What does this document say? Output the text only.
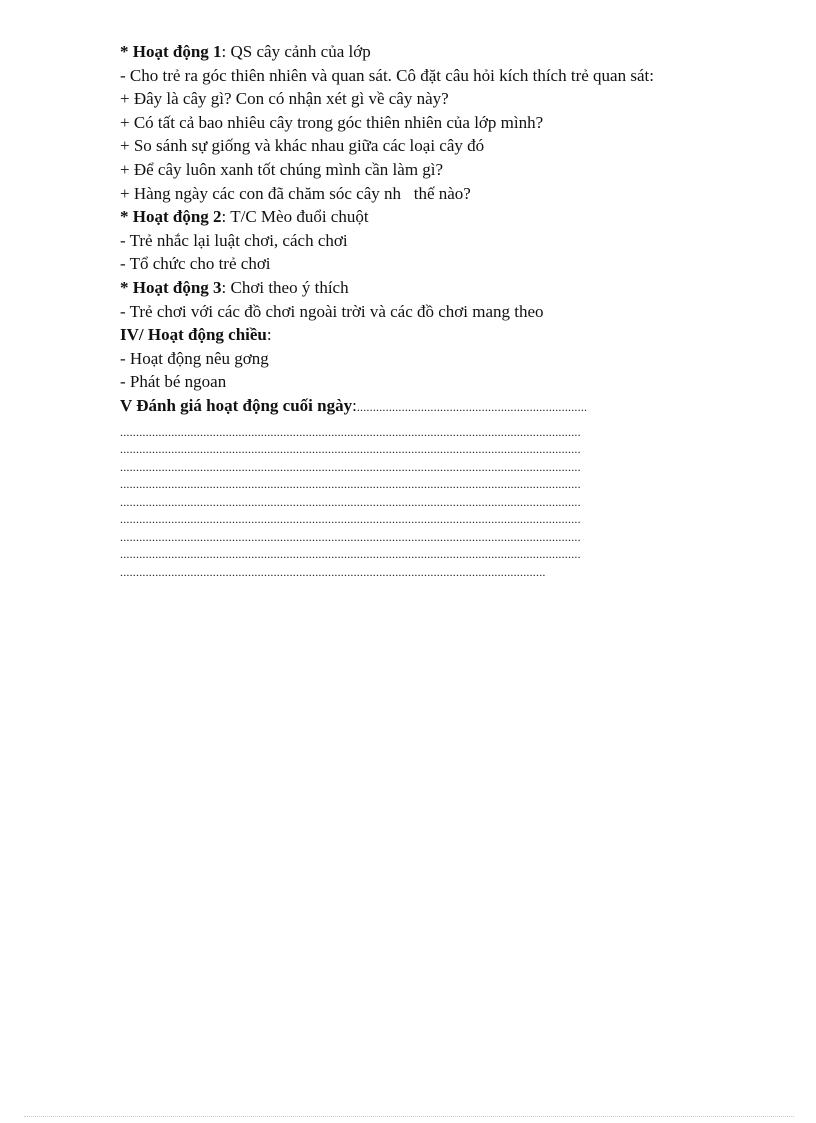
* Hoạt động 1: QS cây cảnh của lớp
- Cho trẻ ra góc thiên nhiên và quan sát. Cô đặt câu hỏi kích thích trẻ quan sát:
+ Đây là cây gì? Con có nhận xét gì về cây này?
+ Có tất cả bao nhiêu cây trong góc thiên nhiên của lớp mình?
+ So sánh sự giống và khác nhau giữa các loại cây đó
+ Để cây luôn xanh tốt chúng mình cần làm gì?
+ Hàng ngày các con đã chăm sóc cây nh   thế nào?
* Hoạt động 2: T/C Mèo đuổi chuột
- Trẻ nhắc lại luật chơi, cách chơi
- Tổ chức cho trẻ chơi
* Hoạt động 3: Chơi theo ý thích
- Trẻ chơi với các đồ chơi ngoài trời và các đồ chơi mang theo
IV/ Hoạt động chiều:
- Hoạt động nêu gơng
- Phát bé ngoan
V Đánh giá hoạt động cuối ngày:........................................................................
................................................................................................................................................
................................................................................................................................................
................................................................................................................................................
................................................................................................................................................
................................................................................................................................................
................................................................................................................................................
................................................................................................................................................
................................................................................................................................................
.....................................................................................................................................
